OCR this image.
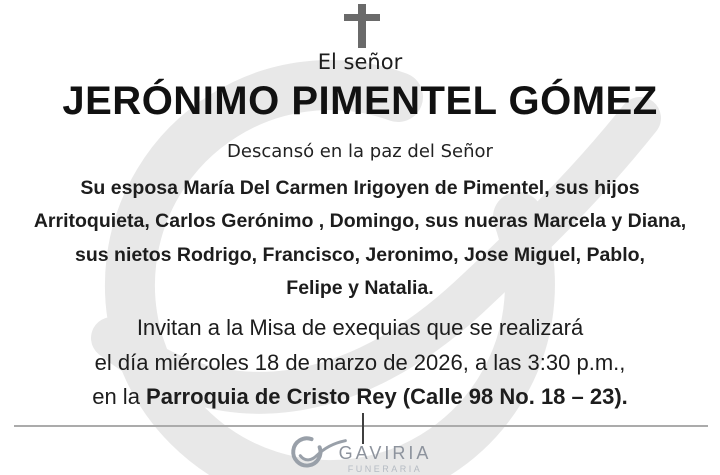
El señor
JERÓNIMO PIMENTEL GÓMEZ
Descansó en la paz del Señor

Su esposa María Del Carmen Irigoyen de Pimentel, sus hijos
Arritoquieta, Carlos Gerónimo , Domingo, sus nueras Marcela y Diana,
sus nietos Rodrigo, Francisco, Jeronimo, Jose Miguel, Pablo,
Felipe y Natalia.

Invitan a la Misa de exequias que se realizará
el día miércoles 18 de marzo de 2026, a las 3:30 p.m.,
en la Parroquia de Cristo Rey (Calle 98 No. 18 – 23).

GAVIRIA
FUNERARIA
